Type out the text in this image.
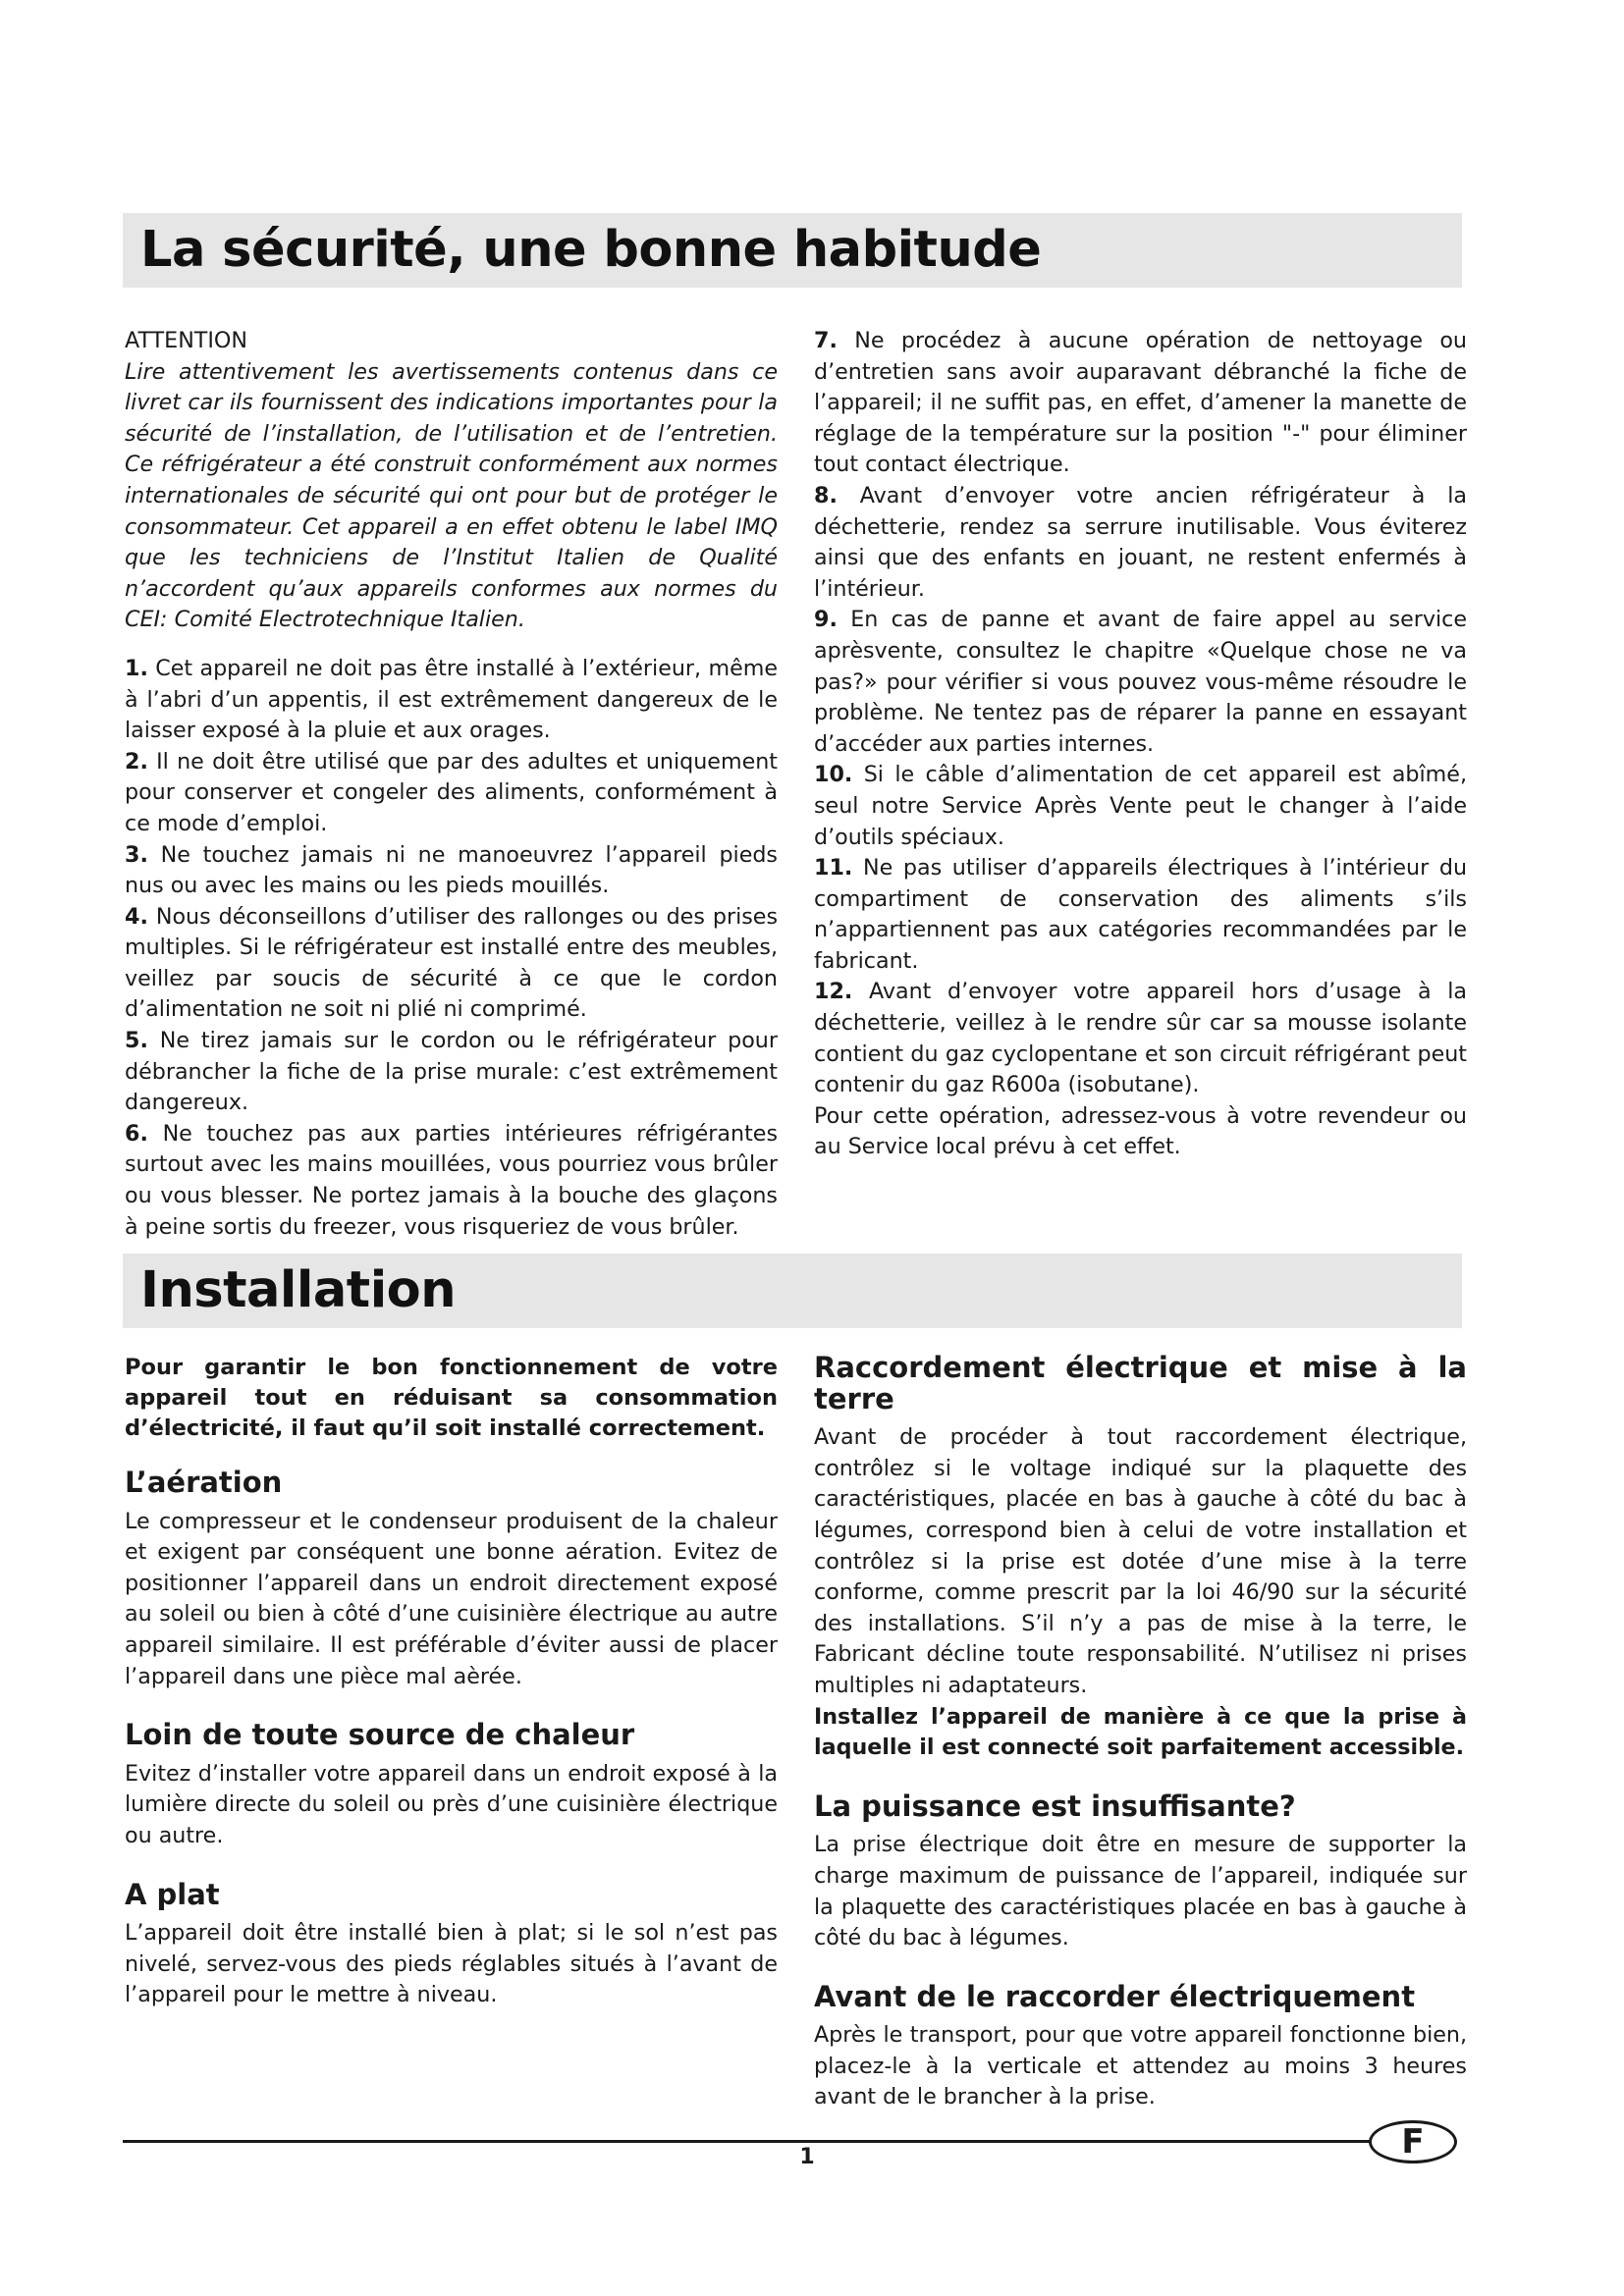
La sécurité, une bonne habitude

ATTENTION

Lire attentivement les avertissements contenus dans ce livret car ils fournissent des indications importantes pour la sécurité de l’installation, de l’utilisation et de l’entretien. Ce réfrigérateur a été construit conformément aux normes internationales de sécurité qui ont pour but de protéger le consommateur. Cet appareil a en effet obtenu le label IMQ que les techniciens de l’Institut Italien de Qualité n’accordent qu’aux appareils conformes aux normes du CEI: Comité Electrotechnique Italien.

1. Cet appareil ne doit pas être installé à l’extérieur, même à l’abri d’un appentis, il est extrêmement dangereux de le laisser exposé à la pluie et aux orages.

2. Il ne doit être utilisé que par des adultes et uniquement pour conserver et congeler des aliments, conformément à ce mode d’emploi.

3. Ne touchez jamais ni ne manoeuvrez l’appareil pieds nus ou avec les mains ou les pieds mouillés.

4. Nous déconseillons d’utiliser des rallonges ou des prises multiples. Si le réfrigérateur est installé entre des meubles, veillez par soucis de sécurité à ce que le cordon d’alimentation ne soit ni plié ni comprimé.

5. Ne tirez jamais sur le cordon ou le réfrigérateur pour débrancher la fiche de la prise murale: c’est extrêmement dangereux.

6. Ne touchez pas aux parties intérieures réfrigérantes surtout avec les mains mouillées, vous pourriez vous brûler ou vous blesser. Ne portez jamais à la bouche des glaçons à peine sortis du freezer, vous risqueriez de vous brûler.

7. Ne procédez à aucune opération de nettoyage ou d’entretien sans avoir auparavant débranché la fiche de l’appareil; il ne suffit pas, en effet, d’amener la manette de réglage de la température sur la position "-" pour éliminer tout contact électrique.

8. Avant d’envoyer votre ancien réfrigérateur à la déchetterie, rendez sa serrure inutilisable. Vous éviterez ainsi que des enfants en jouant, ne restent enfermés à l’intérieur.

9. En cas de panne et avant de faire appel au service aprèsvente, consultez le chapitre «Quelque chose ne va pas?» pour vérifier si vous pouvez vous-même résoudre le problème. Ne tentez pas de réparer la panne en essayant d’accéder aux parties internes.

10. Si le câble d’alimentation de cet appareil est abîmé, seul notre Service Après Vente peut le changer à l’aide d’outils spéciaux.

11. Ne pas utiliser d’appareils électriques à l’intérieur du compartiment de conservation des aliments s’ils n’appartiennent pas aux catégories recommandées par le fabricant.

12. Avant d’envoyer votre appareil hors d’usage à la déchetterie, veillez à le rendre sûr car sa mousse isolante contient du gaz cyclopentane et son circuit réfrigérant peut contenir du gaz R600a (isobutane).

Pour cette opération, adressez-vous à votre revendeur ou au Service local prévu à cet effet.

Installation

Pour garantir le bon fonctionnement de votre appareil tout en réduisant sa consommation d’électricité, il faut qu’il soit installé correctement.

L’aération

Le compresseur et le condenseur produisent de la chaleur et exigent par conséquent une bonne aération. Evitez de positionner l’appareil dans un endroit directement exposé au soleil ou bien à côté d’une cuisinière électrique au autre appareil similaire. Il est préférable d’éviter aussi de placer l’appareil dans une pièce mal aèrée.

Loin de toute source de chaleur

Evitez d’installer votre appareil dans un endroit exposé à la lumière directe du soleil ou près d’une cuisinière électrique ou autre.

A plat

L’appareil doit être installé bien à plat; si le sol n’est pas nivelé, servez-vous des pieds réglables situés à l’avant de l’appareil pour le mettre à niveau.

Raccordement électrique et mise à la terre

Avant de procéder à tout raccordement électrique, contrôlez si le voltage indiqué sur la plaquette des caractéristiques, placée en bas à gauche à côté du bac à légumes, correspond bien à celui de votre installation et contrôlez si la prise est dotée d’une mise à la terre conforme, comme prescrit par la loi 46/90 sur la sécurité des installations. S’il n’y a pas de mise à la terre, le Fabricant décline toute responsabilité. N’utilisez ni prises multiples ni adaptateurs.

Installez l’appareil de manière à ce que la prise à laquelle il est connecté soit parfaitement accessible.

La puissance est insuffisante?

La prise électrique doit être en mesure de supporter la charge maximum de puissance de l’appareil, indiquée sur la plaquette des caractéristiques placée en bas à gauche à côté du bac à légumes.

Avant de le raccorder électriquement

Après le transport, pour que votre appareil fonctionne bien, placez-le à la verticale et attendez au moins 3 heures avant de le brancher à la prise.

1	F
